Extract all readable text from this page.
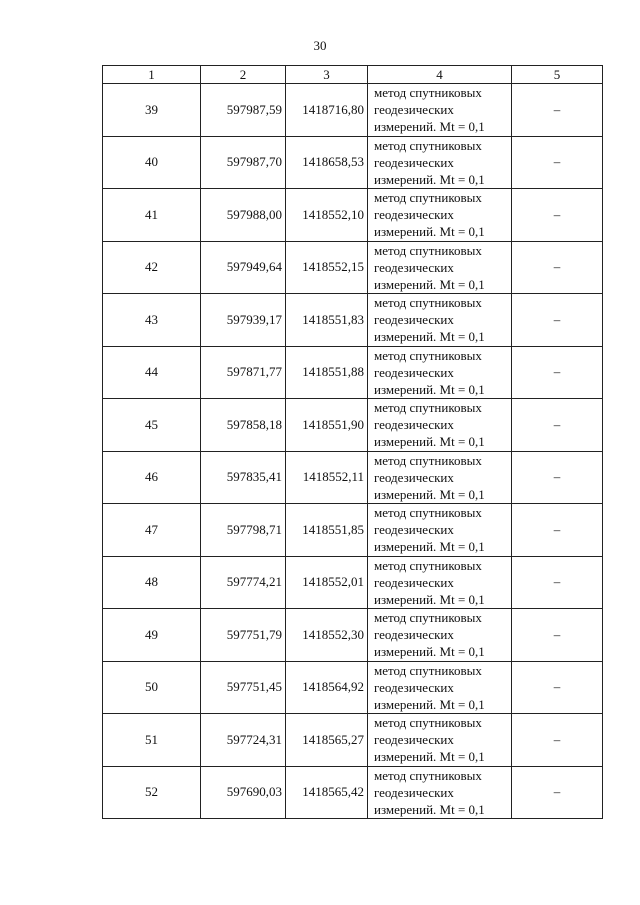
30
1	2	3	4	5
39	597987,59	1418716,80	метод спутниковых
геодезических
измерений. Mt = 0,1	–
40	597987,70	1418658,53	метод спутниковых
геодезических
измерений. Mt = 0,1	–
41	597988,00	1418552,10	метод спутниковых
геодезических
измерений. Mt = 0,1	–
42	597949,64	1418552,15	метод спутниковых
геодезических
измерений. Mt = 0,1	–
43	597939,17	1418551,83	метод спутниковых
геодезических
измерений. Mt = 0,1	–
44	597871,77	1418551,88	метод спутниковых
геодезических
измерений. Mt = 0,1	–
45	597858,18	1418551,90	метод спутниковых
геодезических
измерений. Mt = 0,1	–
46	597835,41	1418552,11	метод спутниковых
геодезических
измерений. Mt = 0,1	–
47	597798,71	1418551,85	метод спутниковых
геодезических
измерений. Mt = 0,1	–
48	597774,21	1418552,01	метод спутниковых
геодезических
измерений. Mt = 0,1	–
49	597751,79	1418552,30	метод спутниковых
геодезических
измерений. Mt = 0,1	–
50	597751,45	1418564,92	метод спутниковых
геодезических
измерений. Mt = 0,1	–
51	597724,31	1418565,27	метод спутниковых
геодезических
измерений. Mt = 0,1	–
52	597690,03	1418565,42	метод спутниковых
геодезических
измерений. Mt = 0,1	–
